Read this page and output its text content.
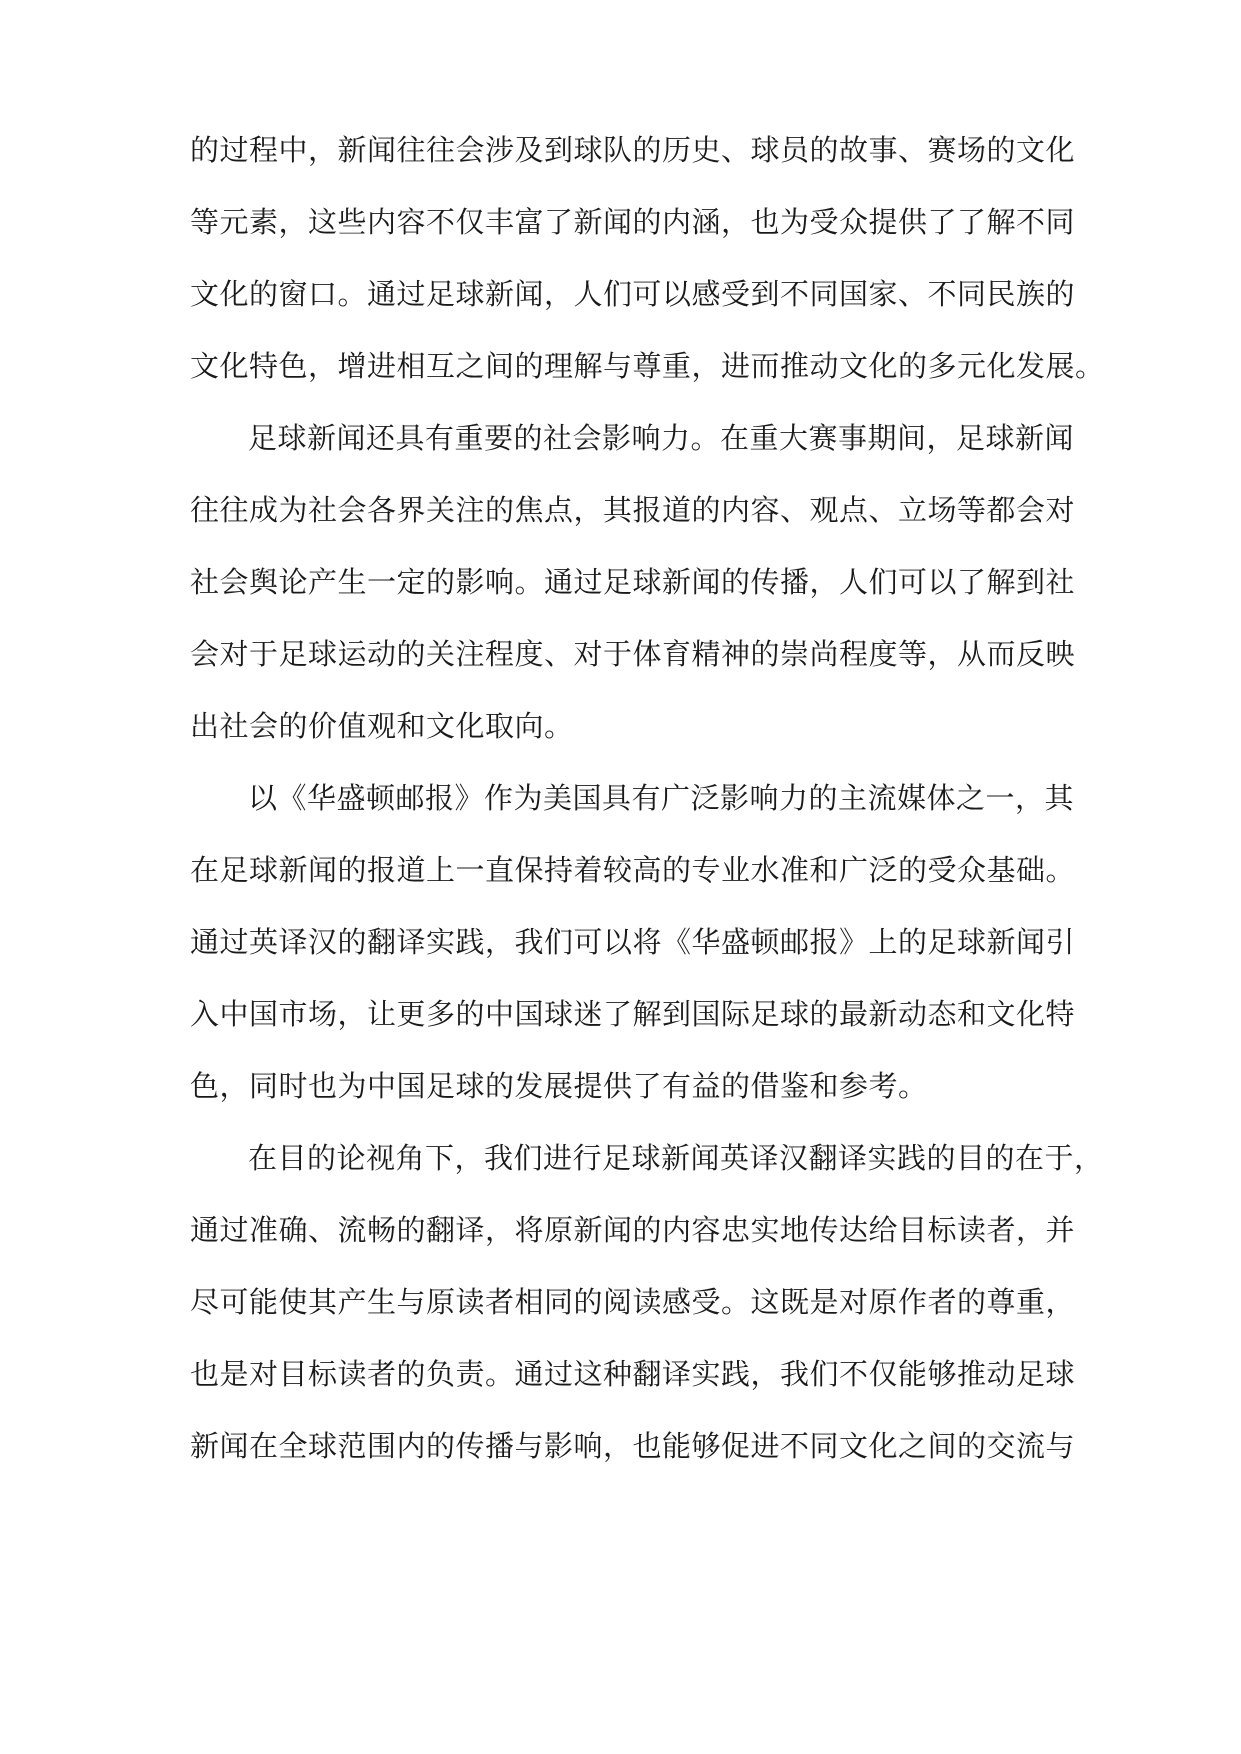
的过程中，新闻往往会涉及到球队的历史、球员的故事、赛场的文化
等元素，这些内容不仅丰富了新闻的内涵，也为受众提供了了解不同
文化的窗口。通过足球新闻，人们可以感受到不同国家、不同民族的
文化特色，增进相互之间的理解与尊重，进而推动文化的多元化发展。
足球新闻还具有重要的社会影响力。在重大赛事期间，足球新闻
往往成为社会各界关注的焦点，其报道的内容、观点、立场等都会对
社会舆论产生一定的影响。通过足球新闻的传播，人们可以了解到社
会对于足球运动的关注程度、对于体育精神的崇尚程度等，从而反映
出社会的价值观和文化取向。
以《华盛顿邮报》作为美国具有广泛影响力的主流媒体之一，其
在足球新闻的报道上一直保持着较高的专业水准和广泛的受众基础。
通过英译汉的翻译实践，我们可以将《华盛顿邮报》上的足球新闻引
入中国市场，让更多的中国球迷了解到国际足球的最新动态和文化特
色，同时也为中国足球的发展提供了有益的借鉴和参考。
在目的论视角下，我们进行足球新闻英译汉翻译实践的目的在于，
通过准确、流畅的翻译，将原新闻的内容忠实地传达给目标读者，并
尽可能使其产生与原读者相同的阅读感受。这既是对原作者的尊重，
也是对目标读者的负责。通过这种翻译实践，我们不仅能够推动足球
新闻在全球范围内的传播与影响，也能够促进不同文化之间的交流与
